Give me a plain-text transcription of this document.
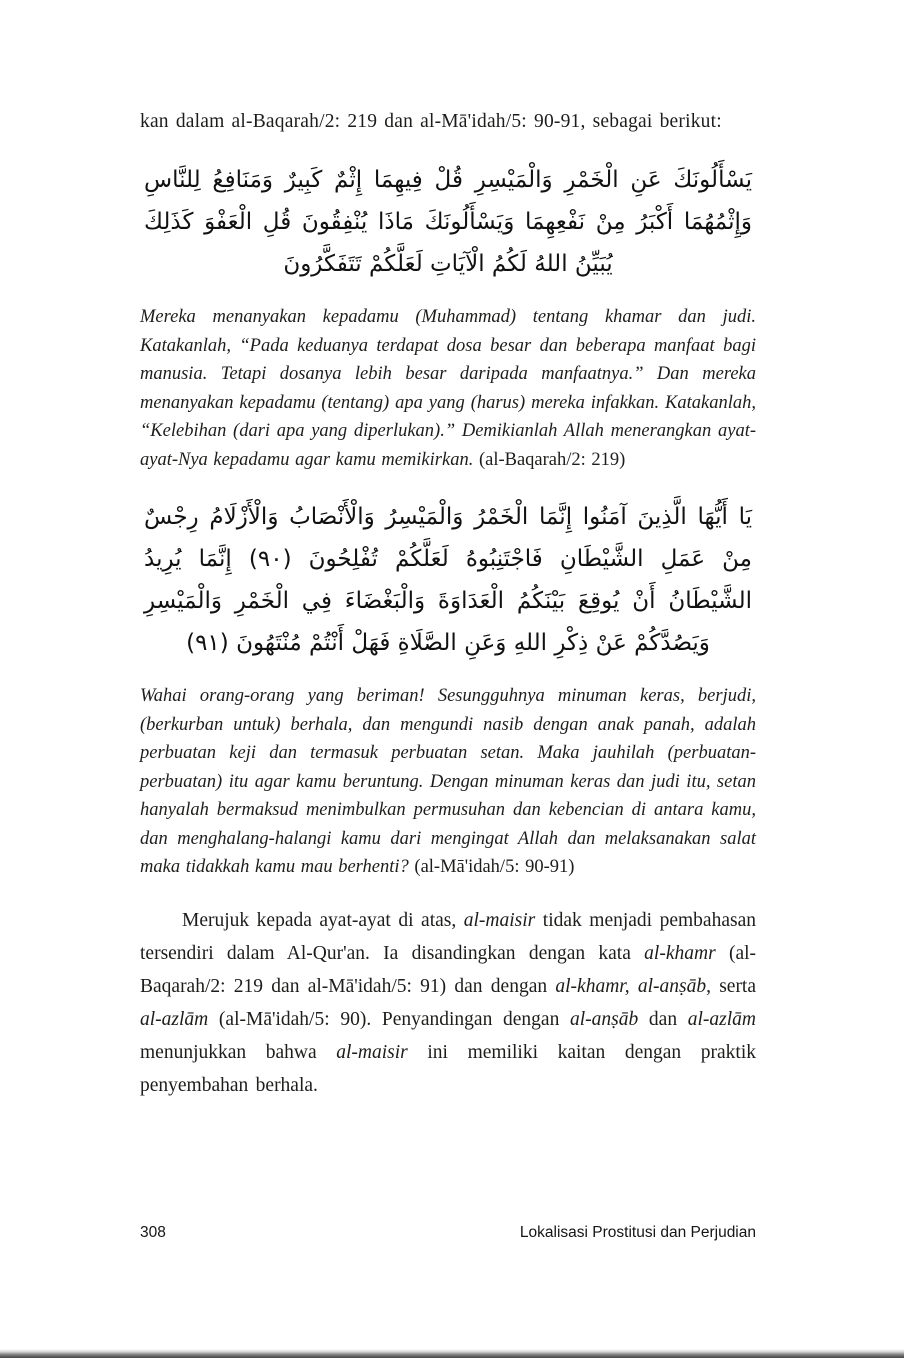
kan dalam al-Baqarah/2: 219 dan al-Mā'idah/5: 90-91, sebagai berikut:

يَسْأَلُونَكَ عَنِ الْخَمْرِ وَالْمَيْسِرِ قُلْ فِيهِمَا إِثْمٌ كَبِيرٌ وَمَنَافِعُ لِلنَّاسِ وَإِثْمُهُمَا أَكْبَرُ مِنْ نَفْعِهِمَا وَيَسْأَلُونَكَ مَاذَا يُنْفِقُونَ قُلِ الْعَفْوَ كَذَلِكَ يُبَيِّنُ اللهُ لَكُمُ الْآيَاتِ لَعَلَّكُمْ تَتَفَكَّرُونَ

Mereka menanyakan kepadamu (Muhammad) tentang khamar dan judi. Katakanlah, “Pada keduanya terdapat dosa besar dan beberapa manfaat bagi manusia. Tetapi dosanya lebih besar daripada manfaatnya.” Dan mereka menanyakan kepadamu (tentang) apa yang (harus) mereka infakkan. Katakanlah, “Kelebihan (dari apa yang diperlukan).” Demikianlah Allah menerangkan ayat-ayat-Nya kepadamu agar kamu memikirkan. (al-Baqarah/2: 219)

يَا أَيُّهَا الَّذِينَ آمَنُوا إِنَّمَا الْخَمْرُ وَالْمَيْسِرُ وَالْأَنْصَابُ وَالْأَزْلَامُ رِجْسٌ مِنْ عَمَلِ الشَّيْطَانِ فَاجْتَنِبُوهُ لَعَلَّكُمْ تُفْلِحُونَ (٩٠) إِنَّمَا يُرِيدُ الشَّيْطَانُ أَنْ يُوقِعَ بَيْنَكُمُ الْعَدَاوَةَ وَالْبَغْضَاءَ فِي الْخَمْرِ وَالْمَيْسِرِ وَيَصُدَّكُمْ عَنْ ذِكْرِ اللهِ وَعَنِ الصَّلَاةِ فَهَلْ أَنْتُمْ مُنْتَهُونَ (٩١)

Wahai orang-orang yang beriman! Sesungguhnya minuman keras, berjudi, (berkurban untuk) berhala, dan mengundi nasib dengan anak panah, adalah perbuatan keji dan termasuk perbuatan setan. Maka jauhilah (perbuatan-perbuatan) itu agar kamu beruntung. Dengan minuman keras dan judi itu, setan hanyalah bermaksud menimbulkan permusuhan dan kebencian di antara kamu, dan menghalang-halangi kamu dari mengingat Allah dan melaksanakan salat maka tidakkah kamu mau berhenti? (al-Mā'idah/5: 90-91)

Merujuk kepada ayat-ayat di atas, al-maisir tidak menjadi pembahasan tersendiri dalam Al-Qur'an. Ia disandingkan dengan kata al-khamr (al-Baqarah/2: 219 dan al-Mā'idah/5: 91) dan dengan al-khamr, al-anṣāb, serta al-azlām (al-Mā'idah/5: 90). Penyandingan dengan al-anṣāb dan al-azlām menunjukkan bahwa al-maisir ini memiliki kaitan dengan praktik penyembahan berhala.

308	Lokalisasi Prostitusi dan Perjudian
